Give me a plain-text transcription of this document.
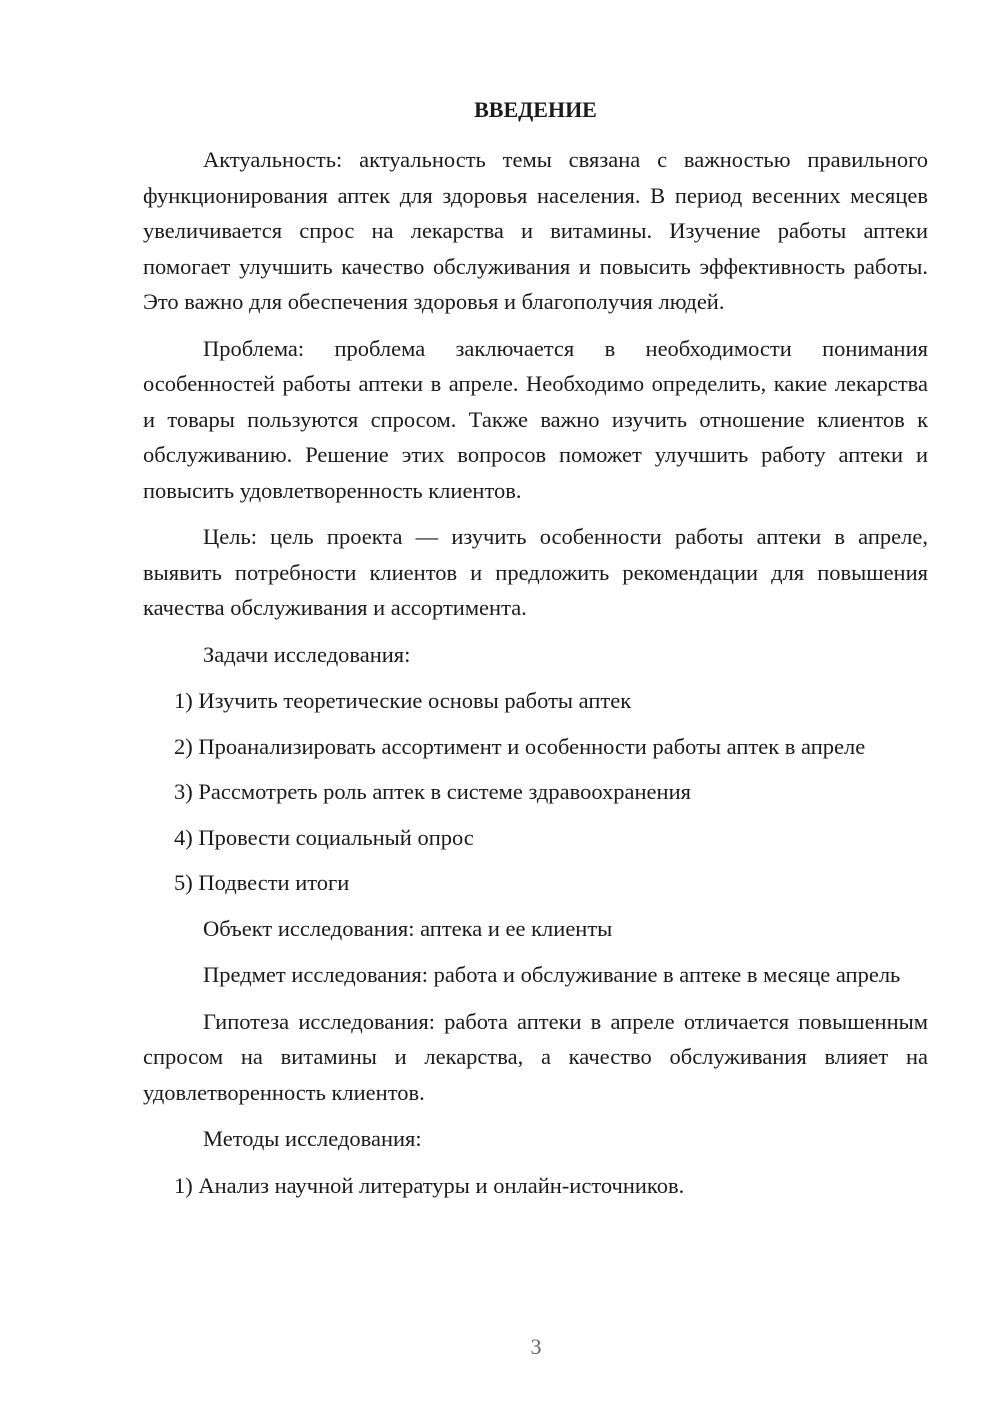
ВВЕДЕНИЕ

Актуальность: актуальность темы связана с важностью правильного функционирования аптек для здоровья населения. В период весенних месяцев увеличивается спрос на лекарства и витамины. Изучение работы аптеки помогает улучшить качество обслуживания и повысить эффективность работы. Это важно для обеспечения здоровья и благополучия людей.

Проблема: проблема заключается в необходимости понимания особенностей работы аптеки в апреле. Необходимо определить, какие лекарства и товары пользуются спросом. Также важно изучить отношение клиентов к обслуживанию. Решение этих вопросов поможет улучшить работу аптеки и повысить удовлетворенность клиентов.

Цель: цель проекта — изучить особенности работы аптеки в апреле, выявить потребности клиентов и предложить рекомендации для повышения качества обслуживания и ассортимента.

Задачи исследования:

1) Изучить теоретические основы работы аптек

2) Проанализировать ассортимент и особенности работы аптек в апреле

3) Рассмотреть роль аптек в системе здравоохранения

4) Провести социальный опрос

5) Подвести итоги

Объект исследования: аптека и ее клиенты

Предмет исследования: работа и обслуживание в аптеке в месяце апрель

Гипотеза исследования: работа аптеки в апреле отличается повышенным спросом на витамины и лекарства, а качество обслуживания влияет на удовлетворенность клиентов.

Методы исследования:

1) Анализ научной литературы и онлайн-источников.

3
